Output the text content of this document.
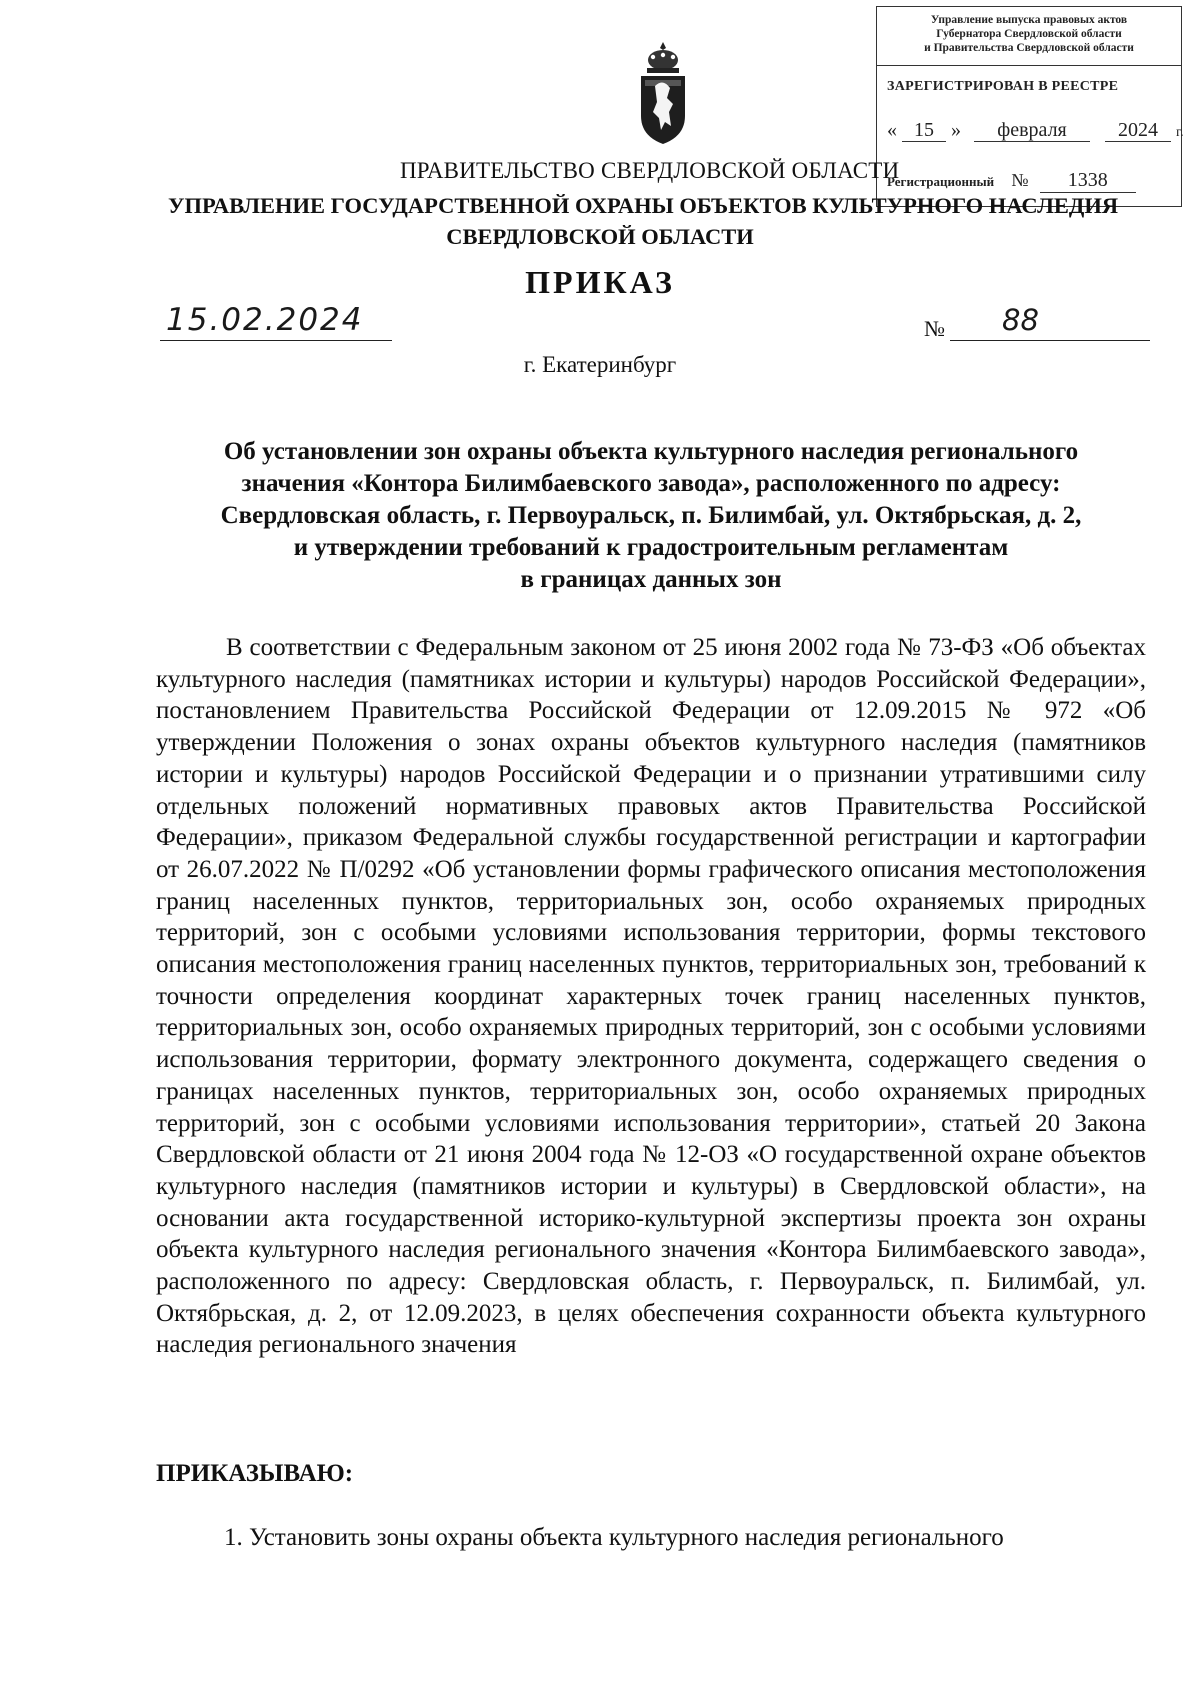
Управление выпуска правовых актов
Губернатора Свердловской области
и Правительства Свердловской области
ЗАРЕГИСТРИРОВАН В РЕЕСТРЕ
« 15 » февраля	2024 г.
Регистрационный № 1338
ПРАВИТЕЛЬСТВО СВЕРДЛОВСКОЙ ОБЛАСТИ
УПРАВЛЕНИЕ ГОСУДАРСТВЕННОЙ ОХРАНЫ ОБЪЕКТОВ КУЛЬТУРНОГО НАСЛЕДИЯ
СВЕРДЛОВСКОЙ ОБЛАСТИ
ПРИКАЗ
15.02.2024	№	88
г. Екатеринбург
Об установлении зон охраны объекта культурного наследия регионального
значения «Контора Билимбаевского завода», расположенного по адресу:
Свердловская область, г. Первоуральск, п. Билимбай, ул. Октябрьская, д. 2,
и утверждении требований к градостроительным регламентам
в границах данных зон

В соответствии с Федеральным законом от 25 июня 2002 года № 73-ФЗ «Об объектах культурного наследия (памятниках истории и культуры) народов Российской Федерации», постановлением Правительства Российской Федерации от 12.09.2015 № 972 «Об утверждении Положения о зонах охраны объектов культурного наследия (памятников истории и культуры) народов Российской Федерации и о признании утратившими силу отдельных положений нормативных правовых актов Правительства Российской Федерации», приказом Федеральной службы государственной регистрации и картографии от 26.07.2022 № П/0292 «Об установлении формы графического описания местоположения границ населенных пунктов, территориальных зон, особо охраняемых природных территорий, зон с особыми условиями использования территории, формы текстового описания местоположения границ населенных пунктов, территориальных зон, требований к точности определения координат характерных точек границ населенных пунктов, территориальных зон, особо охраняемых природных территорий, зон с особыми условиями использования территории, формату электронного документа, содержащего сведения о границах населенных пунктов, территориальных зон, особо охраняемых природных территорий, зон с особыми условиями использования территории», статьей 20 Закона Свердловской области от 21 июня 2004 года № 12-ОЗ «О государственной охране объектов культурного наследия (памятников истории и культуры) в Свердловской области», на основании акта государственной историко-культурной экспертизы проекта зон охраны объекта культурного наследия регионального значения «Контора Билимбаевского завода», расположенного по адресу: Свердловская область, г. Первоуральск, п. Билимбай, ул. Октябрьская, д. 2, от 12.09.2023, в целях обеспечения сохранности объекта культурного наследия регионального значения

ПРИКАЗЫВАЮ:
1. Установить зоны охраны объекта культурного наследия регионального
